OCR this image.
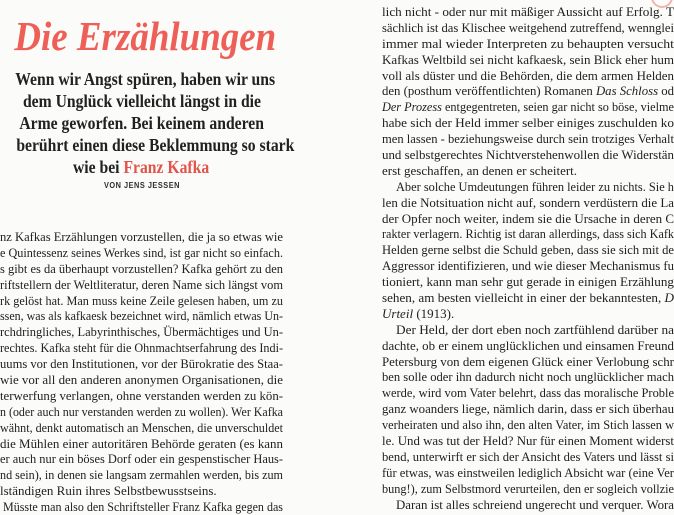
Die Erzählungen
Wenn wir Angst spüren, haben wir uns
dem Unglück vielleicht längst in die
Arme geworfen. Bei keinem anderen
berührt einen diese Beklemmung so stark
wie bei Franz Kafka
VON JENS JESSEN
nz Kafkas Erzählungen vorzustellen, die ja so etwas wie
e Quintessenz seines Werkes sind, ist gar nicht so einfach.
s gibt es da überhaupt vorzustellen? Kafka gehört zu den
riftstellern der Weltliteratur, deren Name sich längst vom
rk gelöst hat. Man muss keine Zeile gelesen haben, um zu
ssen, was als kafkaesk bezeichnet wird, nämlich etwas Un-
rchdringliches, Labyrinthisches, Übermächtiges und Un-
rechtes. Kafka steht für die Ohnmachtserfahrung des Indi-
uums vor den Institutionen, vor der Bürokratie des Staa-
wie vor all den anderen anonymen Organisationen, die
terwerfung verlangen, ohne verstanden werden zu kön-
n (oder auch nur verstanden werden zu wollen). Wer Kafka
wähnt, denkt automatisch an Menschen, die unverschuldet
die Mühlen einer autoritären Behörde geraten (es kann
er auch nur ein böses Dorf oder ein gespenstischer Haus-
nd sein), in denen sie langsam zermahlen werden, bis zum
lständigen Ruin ihres Selbstbewusstseins.
Müsste man also den Schriftsteller Franz Kafka gegen das
lich nicht - oder nur mit mäßiger Aussicht auf Erfolg. T
sächlich ist das Klischee weitgehend zutreffend, wennglei
immer mal wieder Interpreten zu behaupten versucht
Kafkas Weltbild sei nicht kafkaesk, sein Blick eher hum
voll als düster und die Behörden, die dem armen Helden
den (posthum veröffentlichten) Romanen Das Schloss od
Der Prozess entgegentreten, seien gar nicht so böse, vielme
habe sich der Held immer selber einiges zuschulden ko
men lassen - beziehungsweise durch sein trotziges Verhalt
und selbstgerechtes Nichtverstehenwollen die Widerstän
erst geschaffen, an denen er scheitert.
Aber solche Umdeutungen führen leider zu nichts. Sie h
len die Notsituation nicht auf, sondern verdüstern die La
der Opfer noch weiter, indem sie die Ursache in deren C
rakter verlagern. Richtig ist daran allerdings, dass sich Kafk
Helden gerne selbst die Schuld geben, dass sie sich mit de
Aggressor identifizieren, und wie dieser Mechanismus fu
tioniert, kann man sehr gut gerade in einigen Erzählung
sehen, am besten vielleicht in einer der bekanntesten, D
Urteil (1913).
Der Held, der dort eben noch zartfühlend darüber na
dachte, ob er einem unglücklichen und einsamen Freund
Petersburg von dem eigenen Glück einer Verlobung schr
ben solle oder ihn dadurch nicht noch unglücklicher mach
werde, wird vom Vater belehrt, dass das moralische Proble
ganz woanders liege, nämlich darin, dass er sich überhau
verheiraten und also ihn, den alten Vater, im Stich lassen w
le. Und was tut der Held? Nur für einen Moment widerst
bend, unterwirft er sich der Ansicht des Vaters und lässt si
für etwas, was einstweilen lediglich Absicht war (eine Ver
bung!), zum Selbstmord verurteilen, den er sogleich vollzie
Daran ist alles schreiend ungerecht und verquer. Wora
